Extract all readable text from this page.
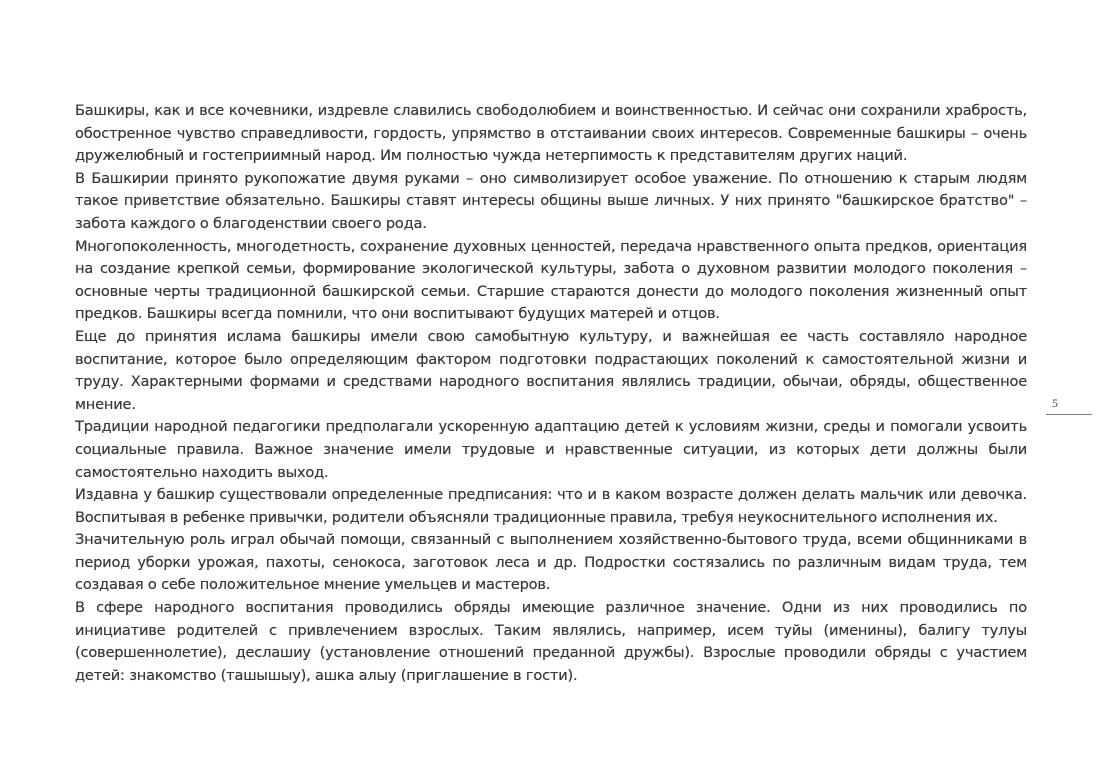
Башкиры, как и все кочевники, издревле славились свободолюбием и воинственностью. И сейчас они сохранили храбрость, обостренное чувство справедливости, гордость, упрямство в отстаивании своих интересов. Современные башкиры – очень дружелюбный и гостеприимный народ. Им полностью чужда нетерпимость к представителям других наций.

В Башкирии принято рукопожатие двумя руками – оно символизирует особое уважение. По отношению к старым людям такое приветствие обязательно. Башкиры ставят интересы общины выше личных. У них принято "башкирское братство" – забота каждого о благоденствии своего рода.

Многопоколенность, многодетность, сохранение духовных ценностей, передача нравственного опыта предков, ориентация на создание крепкой семьи, формирование экологической культуры, забота о духовном развитии молодого поколения – основные черты традиционной башкирской семьи. Старшие стараются донести до молодого поколения жизненный опыт предков. Башкиры всегда помнили, что они воспитывают будущих матерей и отцов.

Еще до принятия ислама башкиры имели свою самобытную культуру, и важнейшая ее часть составляло народное воспитание, которое было определяющим фактором подготовки подрастающих поколений к самостоятельной жизни и труду. Характерными формами и средствами народного воспитания являлись традиции, обычаи, обряды, общественное мнение.

Традиции народной педагогики предполагали ускоренную адаптацию детей к условиям жизни, среды и помогали усвоить социальные правила. Важное значение имели трудовые и нравственные ситуации, из которых дети должны были самостоятельно находить выход.

Издавна у башкир существовали определенные предписания: что и в каком возрасте должен делать мальчик или девочка. Воспитывая в ребенке привычки, родители объясняли традиционные правила, требуя неукоснительного исполнения их.

Значительную роль играл обычай помощи, связанный с выполнением хозяйственно-бытового труда, всеми общинниками в период уборки урожая, пахоты, сенокоса, заготовок леса и др. Подростки состязались по различным видам труда, тем создавая о себе положительное мнение умельцев и мастеров.

В сфере народного воспитания проводились обряды имеющие различное значение. Одни из них проводились по инициативе родителей с привлечением взрослых. Таким являлись, например, исем туйы (именины), балигу тулуы (совершеннолетие), деслашиу (установление отношений преданной дружбы). Взрослые проводили обряды с участием детей: знакомство (ташышыу), ашка алыу (приглашение в гости).

5
